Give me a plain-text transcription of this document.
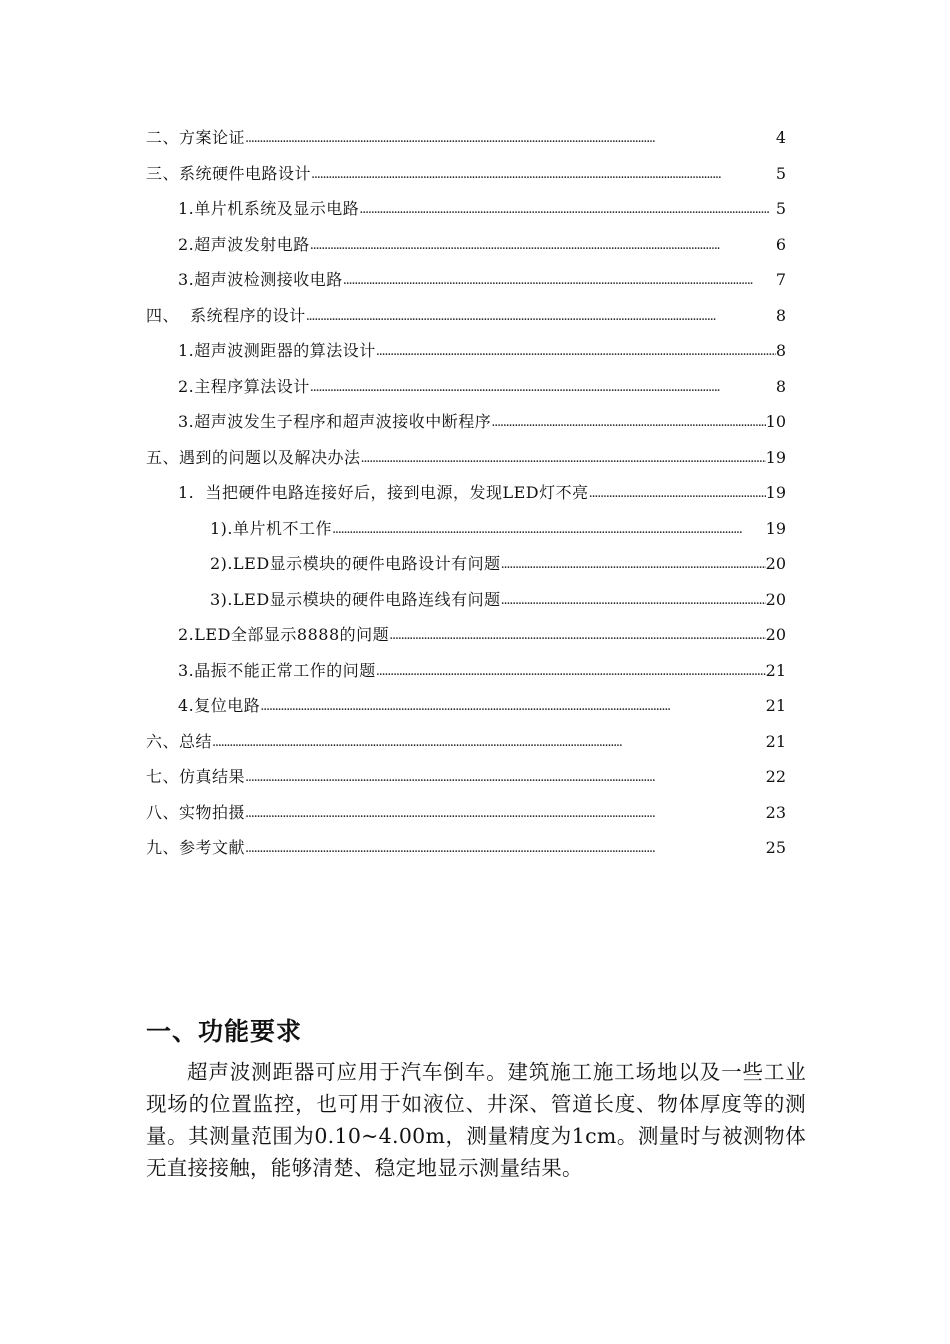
二、方案论证 . . .	4
三、系统硬件电路设计 . . .	5
1.单片机系统及显示电路 . . .	5
2.超声波发射电路 . . .	6
3.超声波检测接收电路 . . .	7
四、  系统程序的设计 . . .	8
1.超声波测距器的算法设计 . . .	8
2.主程序算法设计 . . .	8
3.超声波发生子程序和超声波接收中断程序 . . .	10
五、遇到的问题以及解决办法 . . .	19
1.  当把硬件电路连接好后，接到电源，发现LED灯不亮 . . .	19
1).单片机不工作 . . .	19
2).LED显示模块的硬件电路设计有问题 . . .	20
3).LED显示模块的硬件电路连线有问题 . . .	20
2.LED全部显示8888的问题 . . .	20
3.晶振不能正常工作的问题 . . .	21
4.复位电路 . . .	21
六、总结 . . .	21
七、仿真结果 . . .	22
八、实物拍摄 . . .	23
九、参考文献 . . .	25
一、功能要求

超声波测距器可应用于汽车倒车。建筑施工施工场地以及一些工业现场的位置监控，也可用于如液位、井深、管道长度、物体厚度等的测量。其测量范围为0.10~4.00m，测量精度为1cm。测量时与被测物体无直接接触，能够清楚、稳定地显示测量结果。
